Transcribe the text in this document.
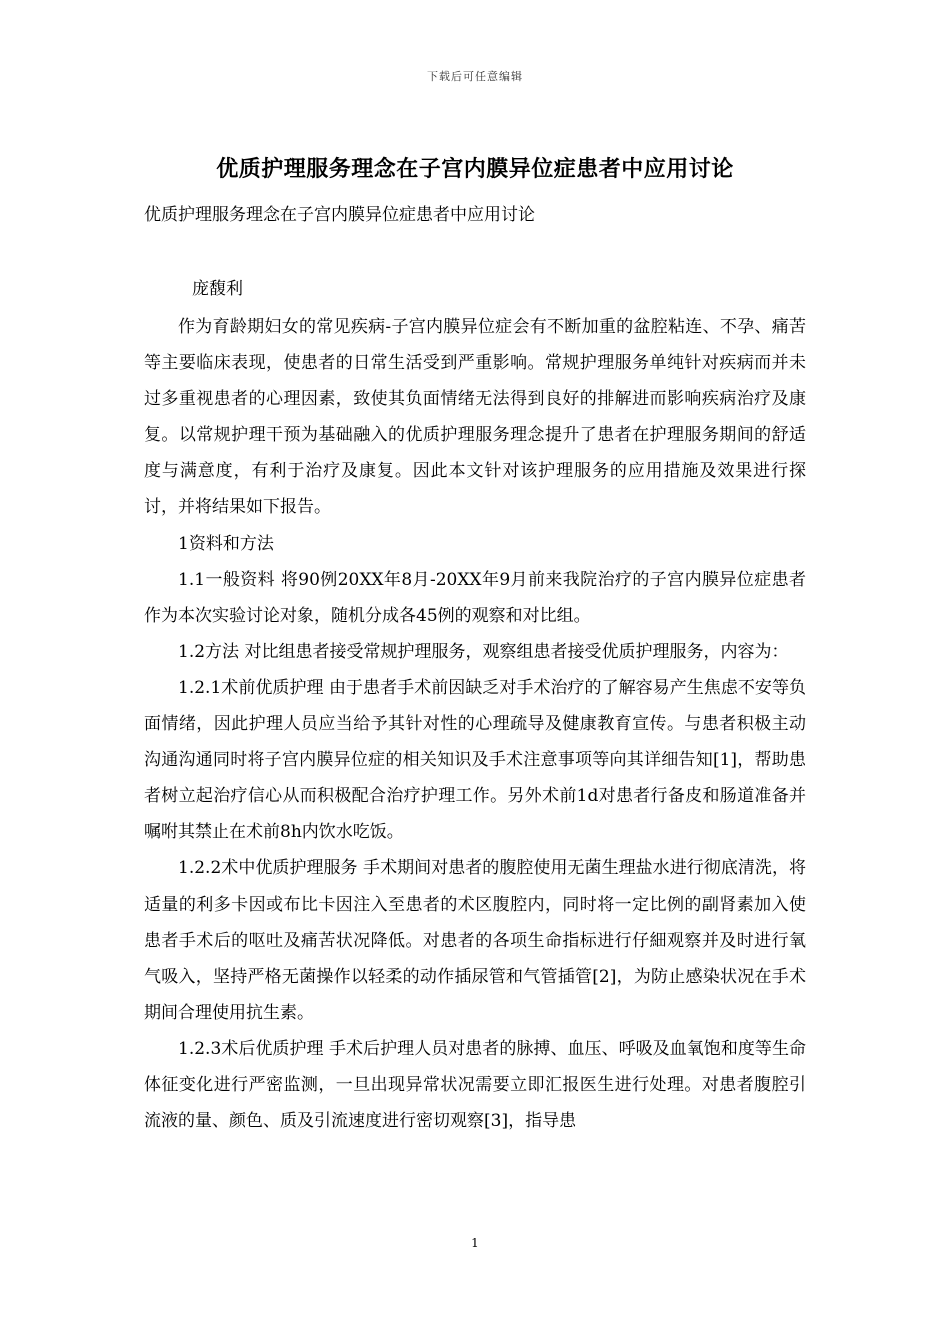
下载后可任意编辑
优质护理服务理念在子宫内膜异位症患者中应用讨论
优质护理服务理念在子宫内膜异位症患者中应用讨论
庞馥利

作为育龄期妇女的常见疾病-子宫内膜异位症会有不断加重的盆腔粘连、不孕、痛苦等主要临床表现，使患者的日常生活受到严重影响。常规护理服务单纯针对疾病而并未过多重视患者的心理因素，致使其负面情绪无法得到良好的排解进而影响疾病治疗及康复。以常规护理干预为基础融入的优质护理服务理念提升了患者在护理服务期间的舒适度与满意度，有利于治疗及康复。因此本文针对该护理服务的应用措施及效果进行探讨，并将结果如下报告。

1资料和方法

1.1一般资料 将90例20XX年8月-20XX年9月前来我院治疗的子宫内膜异位症患者作为本次实验讨论对象，随机分成各45例的观察和对比组。

1.2方法 对比组患者接受常规护理服务，观察组患者接受优质护理服务，内容为：

1.2.1术前优质护理 由于患者手术前因缺乏对手术治疗的了解容易产生焦虑不安等负面情绪，因此护理人员应当给予其针对性的心理疏导及健康教育宣传。与患者积极主动沟通沟通同时将子宫内膜异位症的相关知识及手术注意事项等向其详细告知[1]，帮助患者树立起治疗信心从而积极配合治疗护理工作。另外术前1d对患者行备皮和肠道准备并嘱咐其禁止在术前8h内饮水吃饭。

1.2.2术中优质护理服务 手术期间对患者的腹腔使用无菌生理盐水进行彻底清洗，将适量的利多卡因或布比卡因注入至患者的术区腹腔内，同时将一定比例的副肾素加入使患者手术后的呕吐及痛苦状况降低。对患者的各项生命指标进行仔細观察并及时进行氧气吸入，坚持严格无菌操作以轻柔的动作插尿管和气管插管[2]，为防止感染状况在手术期间合理使用抗生素。

1.2.3术后优质护理 手术后护理人员对患者的脉搏、血压、呼吸及血氧饱和度等生命体征变化进行严密监测，一旦出现异常状况需要立即汇报医生进行处理。对患者腹腔引流液的量、颜色、质及引流速度进行密切观察[3]，指导患

1
